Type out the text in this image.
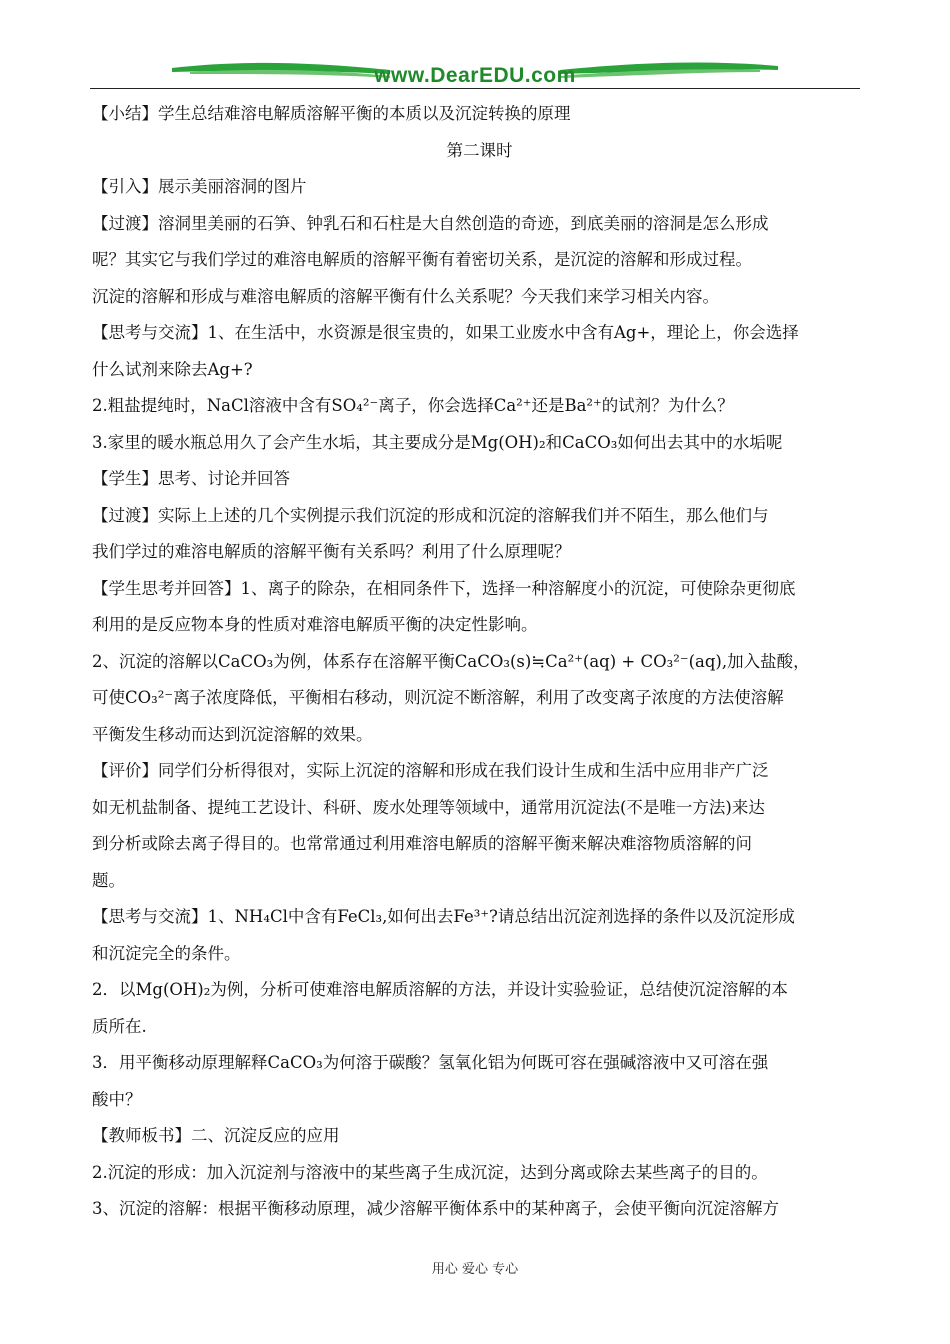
www.DearEDU.com
【小结】学生总结难溶电解质溶解平衡的本质以及沉淀转换的原理
第二课时
【引入】展示美丽溶洞的图片
【过渡】溶洞里美丽的石笋、钟乳石和石柱是大自然创造的奇迹，到底美丽的溶洞是怎么形成
呢？其实它与我们学过的难溶电解质的溶解平衡有着密切关系，是沉淀的溶解和形成过程。
沉淀的溶解和形成与难溶电解质的溶解平衡有什么关系呢？今天我们来学习相关内容。
【思考与交流】1、在生活中，水资源是很宝贵的，如果工业废水中含有Ag+，理论上，你会选择
什么试剂来除去Ag+?
2.粗盐提纯时，NaCl溶液中含有SO₄²⁻离子，你会选择Ca²⁺还是Ba²⁺的试剂？为什么？
3.家里的暖水瓶总用久了会产生水垢，其主要成分是Mg(OH)₂和CaCO₃如何出去其中的水垢呢
【学生】思考、讨论并回答
【过渡】实际上上述的几个实例提示我们沉淀的形成和沉淀的溶解我们并不陌生，那么他们与
我们学过的难溶电解质的溶解平衡有关系吗？利用了什么原理呢？
【学生思考并回答】1、离子的除杂，在相同条件下，选择一种溶解度小的沉淀，可使除杂更彻底
利用的是反应物本身的性质对难溶电解质平衡的决定性影响。
2、沉淀的溶解以CaCO₃为例，体系存在溶解平衡CaCO₃(s)≒Ca²⁺(aq) + CO₃²⁻(aq),加入盐酸，
可使CO₃²⁻离子浓度降低，平衡相右移动，则沉淀不断溶解，利用了改变离子浓度的方法使溶解
平衡发生移动而达到沉淀溶解的效果。
【评价】同学们分析得很对，实际上沉淀的溶解和形成在我们设计生成和生活中应用非产广泛
如无机盐制备、提纯工艺设计、科研、废水处理等领域中，通常用沉淀法(不是唯一方法)来达
到分析或除去离子得目的。也常常通过利用难溶电解质的溶解平衡来解决难溶物质溶解的问
题。
【思考与交流】1、NH₄Cl中含有FeCl₃,如何出去Fe³⁺?请总结出沉淀剂选择的条件以及沉淀形成
和沉淀完全的条件。
2．以Mg(OH)₂为例，分析可使难溶电解质溶解的方法，并设计实验验证，总结使沉淀溶解的本
质所在.
3．用平衡移动原理解释CaCO₃为何溶于碳酸？氢氧化铝为何既可容在强碱溶液中又可溶在强
酸中？
【教师板书】二、沉淀反应的应用
2.沉淀的形成：加入沉淀剂与溶液中的某些离子生成沉淀，达到分离或除去某些离子的目的。
3、沉淀的溶解：根据平衡移动原理，减少溶解平衡体系中的某种离子，会使平衡向沉淀溶解方
用心 爱心 专心
